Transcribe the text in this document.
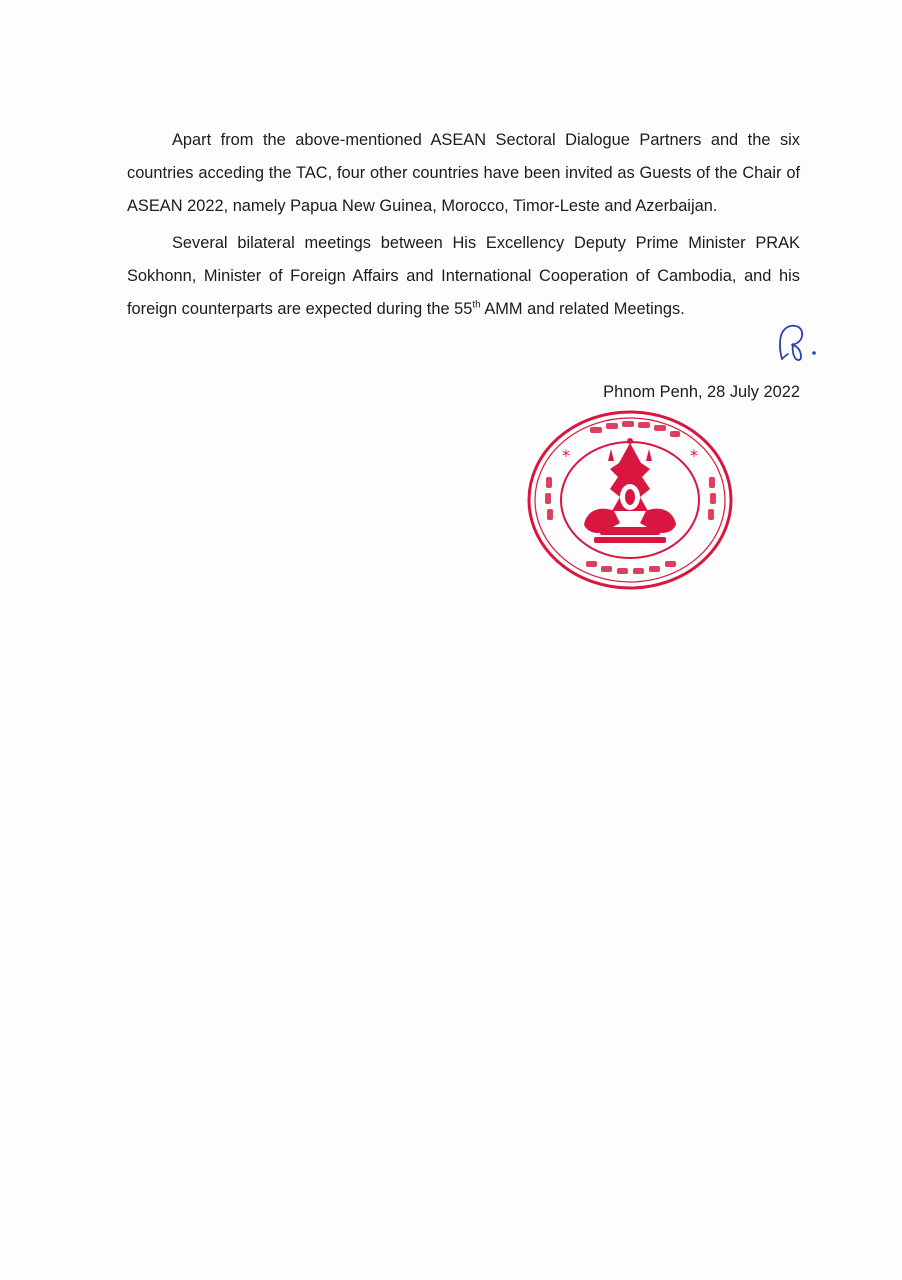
Apart from the above-mentioned ASEAN Sectoral Dialogue Partners and the six countries acceding the TAC, four other countries have been invited as Guests of the Chair of ASEAN 2022, namely Papua New Guinea, Morocco, Timor-Leste and Azerbaijan.

Several bilateral meetings between His Excellency Deputy Prime Minister PRAK Sokhonn, Minister of Foreign Affairs and International Cooperation of Cambodia, and his foreign counterparts are expected during the 55th AMM and related Meetings.

Phnom Penh, 28 July 2022
*	*
